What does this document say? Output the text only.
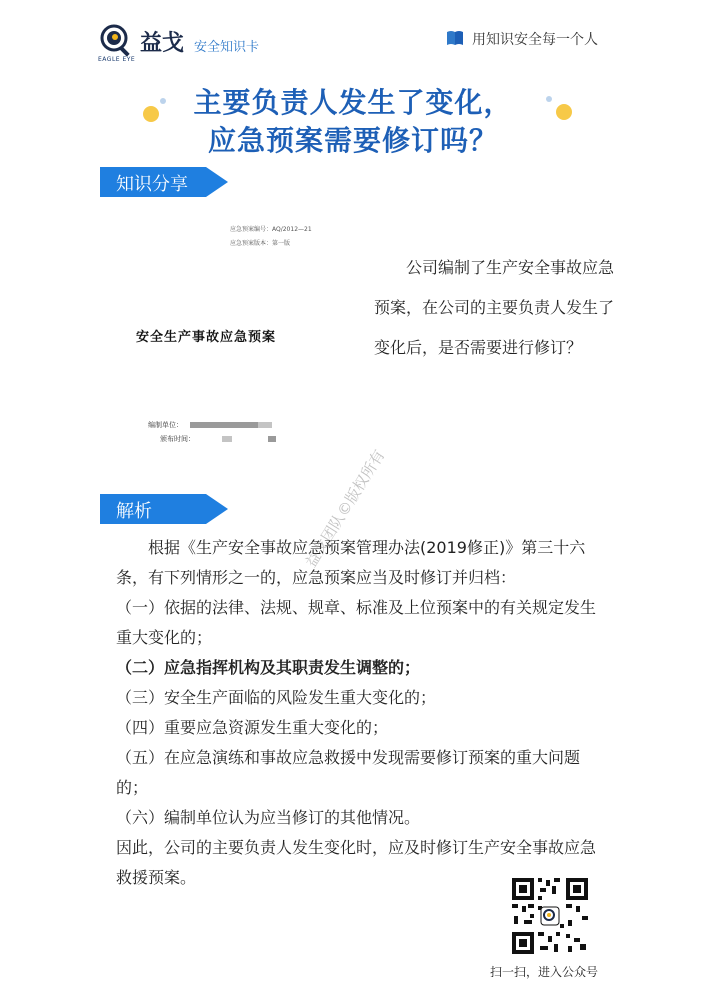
EAGLE EYE
益戈 安全知识卡	用知识安全每一个人
主要负责人发生了变化，
应急预案需要修订吗？
知识分享
应急预案编号：AQ/2012—21
应急预案版本：第一版
安全生产事故应急预案
编制单位：
颁布时间：
公司编制了生产安全事故应急预案，在公司的主要负责人发生了变化后，是否需要进行修订？
解析

根据《生产安全事故应急预案管理办法(2019修正)》第三十六条，有下列情形之一的，应急预案应当及时修订并归档：

（一）依据的法律、法规、规章、标准及上位预案中的有关规定发生重大变化的；

（二）应急指挥机构及其职责发生调整的；

（三）安全生产面临的风险发生重大变化的；

（四）重要应急资源发生重大变化的；

（五）在应急演练和事故应急救援中发现需要修订预案的重大问题的；

（六）编制单位认为应当修订的其他情况。

因此，公司的主要负责人发生变化时，应及时修订生产安全事故应急救援预案。

益戈团队©版权所有
扫一扫，进入公众号
